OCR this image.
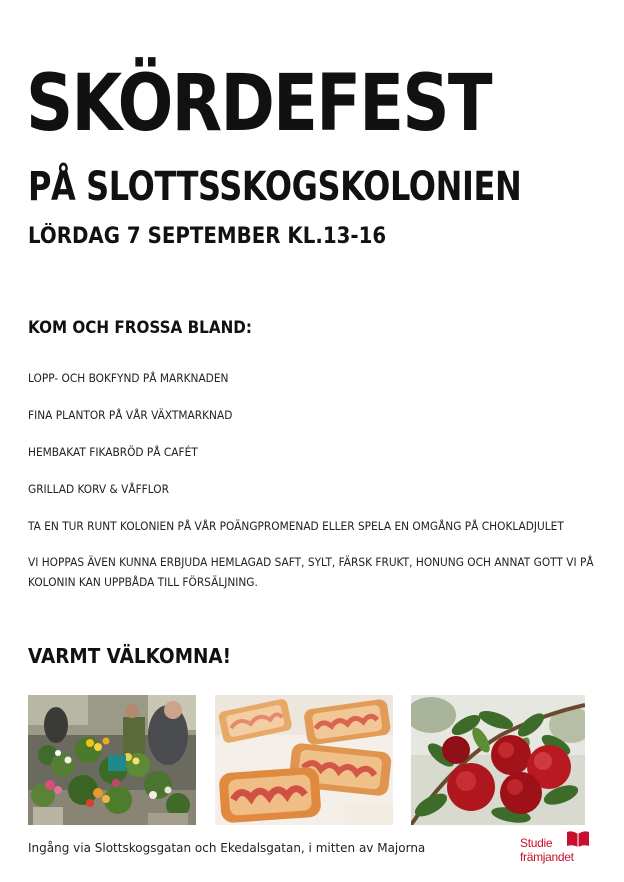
SKÖRDEFEST
PÅ SLOTTSSKOGSKOLONIEN
LÖRDAG 7 SEPTEMBER KL.13-16
KOM OCH FROSSA BLAND:
LOPP- OCH BOKFYND PÅ MARKNADEN
FINA PLANTOR PÅ VÅR VÄXTMARKNAD
HEMBAKAT FIKABRÖD PÅ CAFÉT
GRILLAD KORV & VÅFFLOR
TA EN TUR RUNT KOLONIEN PÅ VÅR POÄNGPROMENAD ELLER SPELA EN OMGÅNG PÅ CHOKLADJULET
VI HOPPAS ÄVEN KUNNA ERBJUDA HEMLAGAD SAFT, SYLT, FÄRSK FRUKT, HONUNG OCH ANNAT GOTT VI PÅ
KOLONIN KAN UPPBÅDA TILL FÖRSÄLJNING.
VARMT VÄLKOMNA!
Ingång via Slottskogsgatan och Ekedalsgatan, i mitten av Majorna	Studie
främjandet
